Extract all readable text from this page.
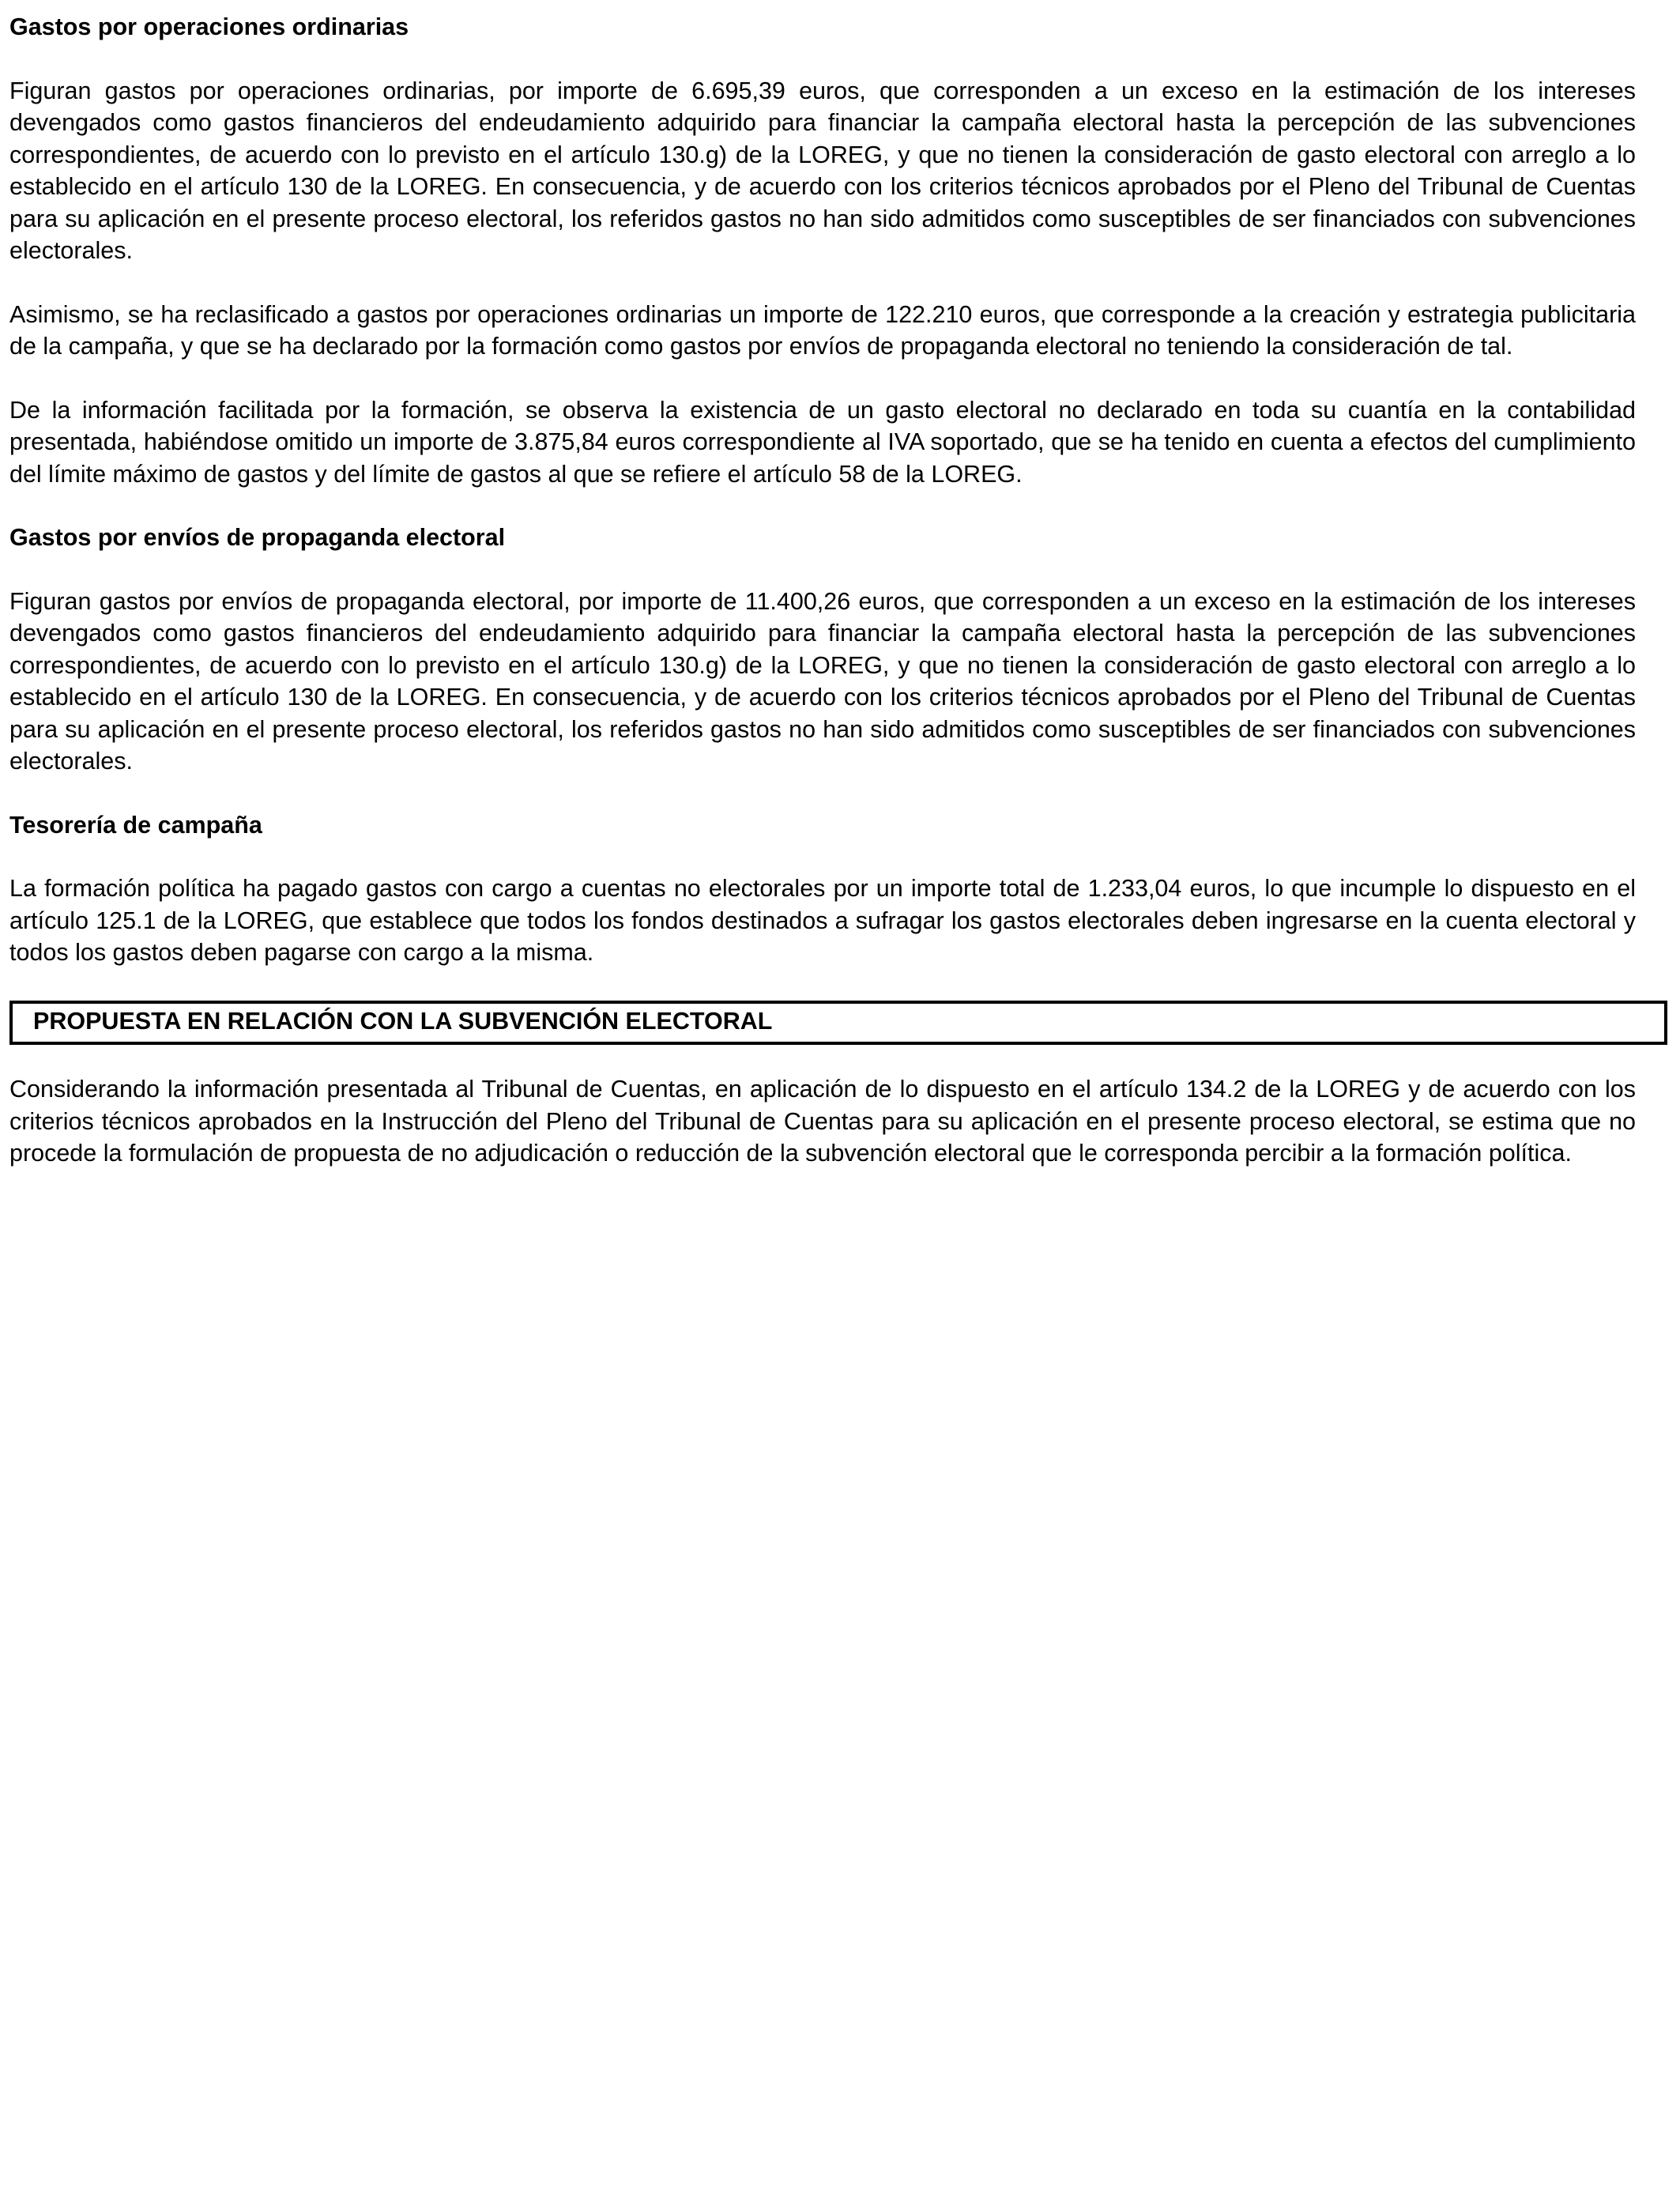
Gastos por operaciones ordinarias

Figuran gastos por operaciones ordinarias, por importe de 6.695,39 euros, que corresponden a un exceso en la estimación de los intereses devengados como gastos financieros del endeudamiento adquirido para financiar la campaña electoral hasta la percepción de las subvenciones correspondientes, de acuerdo con lo previsto en el artículo 130.g) de la LOREG, y que no tienen la consideración de gasto electoral con arreglo a lo establecido en el artículo 130 de la LOREG. En consecuencia, y de acuerdo con los criterios técnicos aprobados por el Pleno del Tribunal de Cuentas para su aplicación en el presente proceso electoral, los referidos gastos no han sido admitidos como susceptibles de ser financiados con subvenciones electorales.

Asimismo, se ha reclasificado a gastos por operaciones ordinarias un importe de 122.210 euros, que corresponde a la creación y estrategia publicitaria de la campaña, y que se ha declarado por la formación como gastos por envíos de propaganda electoral no teniendo la consideración de tal.

De la información facilitada por la formación, se observa la existencia de un gasto electoral no declarado en toda su cuantía en la contabilidad presentada, habiéndose omitido un importe de 3.875,84 euros correspondiente al IVA soportado, que se ha tenido en cuenta a efectos del cumplimiento del límite máximo de gastos y del límite de gastos al que se refiere el artículo 58 de la LOREG.

Gastos por envíos de propaganda electoral

Figuran gastos por envíos de propaganda electoral, por importe de 11.400,26 euros, que corresponden a un exceso en la estimación de los intereses devengados como gastos financieros del endeudamiento adquirido para financiar la campaña electoral hasta la percepción de las subvenciones correspondientes, de acuerdo con lo previsto en el artículo 130.g) de la LOREG, y que no tienen la consideración de gasto electoral con arreglo a lo establecido en el artículo 130 de la LOREG. En consecuencia, y de acuerdo con los criterios técnicos aprobados por el Pleno del Tribunal de Cuentas para su aplicación en el presente proceso electoral, los referidos gastos no han sido admitidos como susceptibles de ser financiados con subvenciones electorales.

Tesorería de campaña

La formación política ha pagado gastos con cargo a cuentas no electorales por un importe total de 1.233,04 euros, lo que incumple lo dispuesto en el artículo 125.1 de la LOREG, que establece que todos los fondos destinados a sufragar los gastos electorales deben ingresarse en la cuenta electoral y todos los gastos deben pagarse con cargo a la misma.

PROPUESTA EN RELACIÓN CON LA SUBVENCIÓN ELECTORAL

Considerando la información presentada al Tribunal de Cuentas, en aplicación de lo dispuesto en el artículo 134.2 de la LOREG y de acuerdo con los criterios técnicos aprobados en la Instrucción del Pleno del Tribunal de Cuentas para su aplicación en el presente proceso electoral, se estima que no procede la formulación de propuesta de no adjudicación o reducción de la subvención electoral que le corresponda percibir a la formación política.
